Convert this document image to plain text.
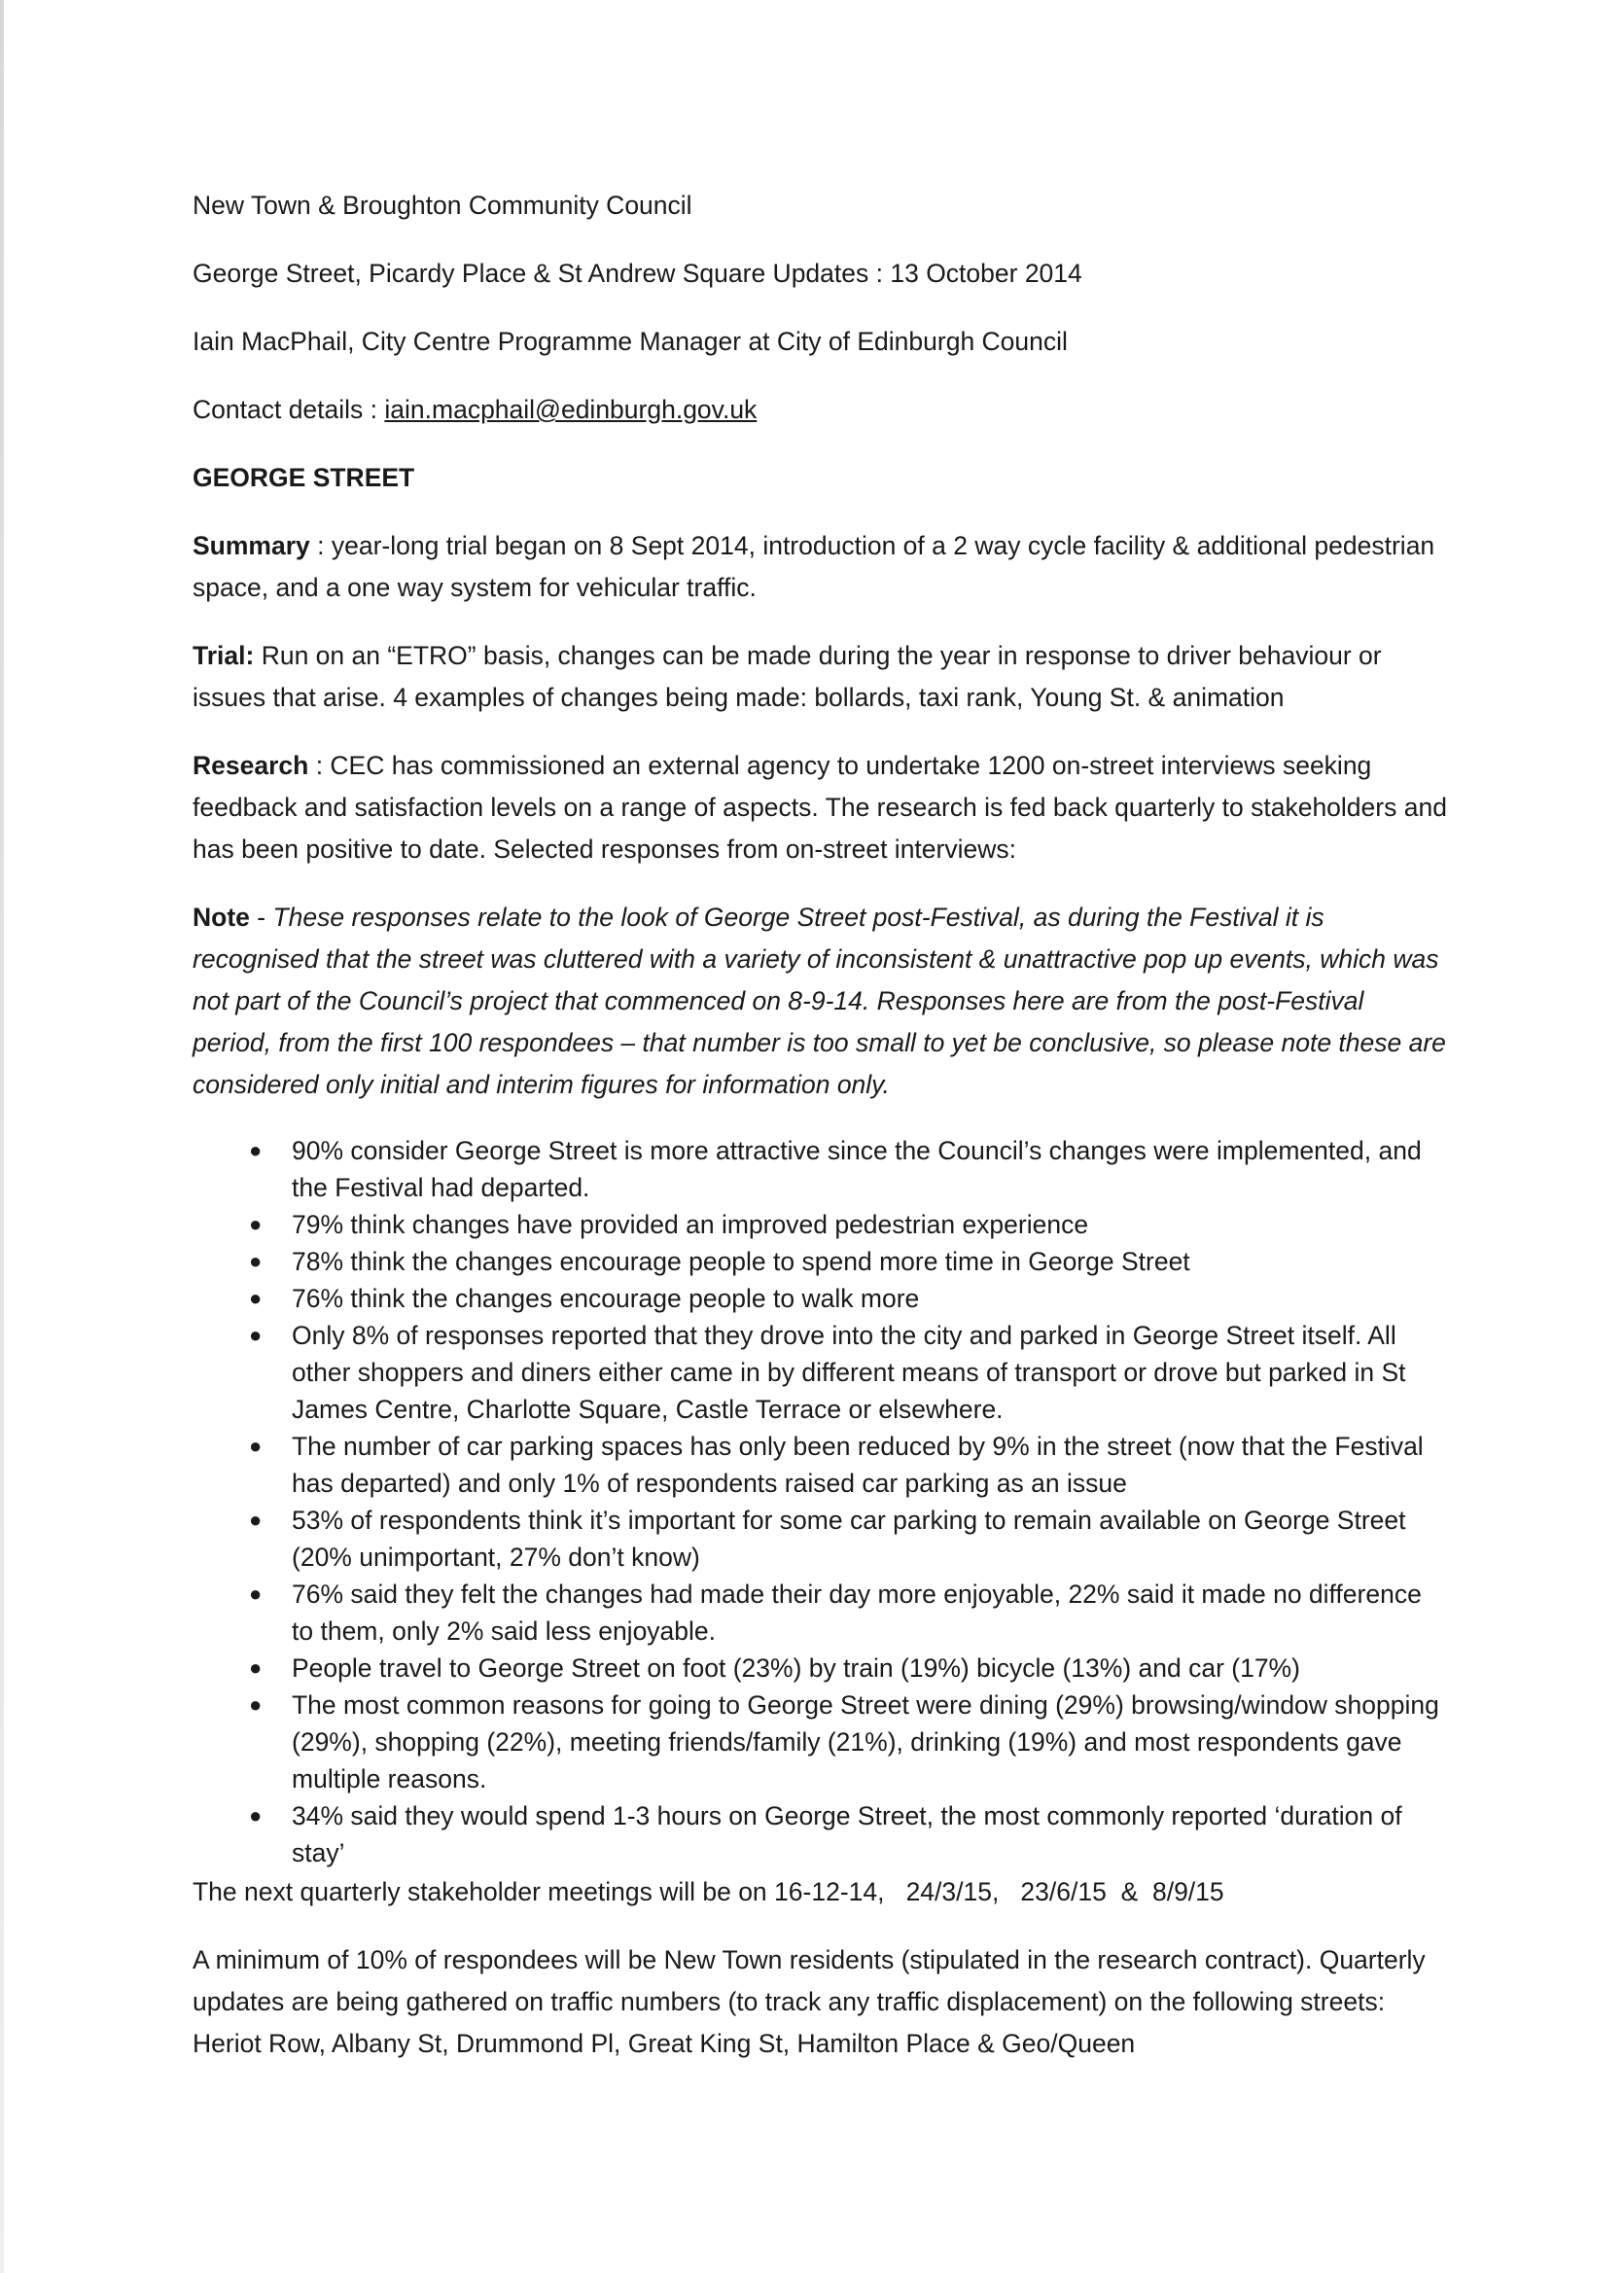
New Town & Broughton Community Council
George Street, Picardy Place & St Andrew Square Updates : 13 October 2014
Iain MacPhail, City Centre Programme Manager at City of Edinburgh Council
Contact details : iain.macphail@edinburgh.gov.uk
GEORGE STREET
Summary : year-long trial began on 8 Sept 2014, introduction of a 2 way cycle facility & additional pedestrian space, and a one way system for vehicular traffic.
Trial: Run on an “ETRO” basis, changes can be made during the year in response to driver behaviour or issues that arise. 4 examples of changes being made: bollards, taxi rank, Young St. & animation
Research : CEC has commissioned an external agency to undertake 1200 on-street interviews seeking feedback and satisfaction levels on a range of aspects. The research is fed back quarterly to stakeholders and has been positive to date. Selected responses from on-street interviews:
Note - These responses relate to the look of George Street post-Festival, as during the Festival it is recognised that the street was cluttered with a variety of inconsistent & unattractive pop up events, which was not part of the Council’s project that commenced on 8-9-14. Responses here are from the post-Festival period, from the first 100 respondees – that number is too small to yet be conclusive, so please note these are considered only initial and interim figures for information only.
● 90% consider George Street is more attractive since the Council’s changes were implemented, and the Festival had departed.
● 79% think changes have provided an improved pedestrian experience
● 78% think the changes encourage people to spend more time in George Street
● 76% think the changes encourage people to walk more
● Only 8% of responses reported that they drove into the city and parked in George Street itself. All other shoppers and diners either came in by different means of transport or drove but parked in St James Centre, Charlotte Square, Castle Terrace or elsewhere.
● The number of car parking spaces has only been reduced by 9% in the street (now that the Festival has departed) and only 1% of respondents raised car parking as an issue
● 53% of respondents think it’s important for some car parking to remain available on George Street (20% unimportant, 27% don’t know)
● 76% said they felt the changes had made their day more enjoyable, 22% said it made no difference to them, only 2% said less enjoyable.
● People travel to George Street on foot (23%) by train (19%) bicycle (13%) and car (17%)
● The most common reasons for going to George Street were dining (29%) browsing/window shopping (29%), shopping (22%), meeting friends/family (21%), drinking (19%) and most respondents gave multiple reasons.
● 34% said they would spend 1-3 hours on George Street, the most commonly reported ‘duration of stay’
The next quarterly stakeholder meetings will be on 16-12-14,   24/3/15,   23/6/15  &  8/9/15
A minimum of 10% of respondees will be New Town residents (stipulated in the research contract). Quarterly updates are being gathered on traffic numbers (to track any traffic displacement) on the following streets: Heriot Row, Albany St, Drummond Pl, Great King St, Hamilton Place & Geo/Queen
